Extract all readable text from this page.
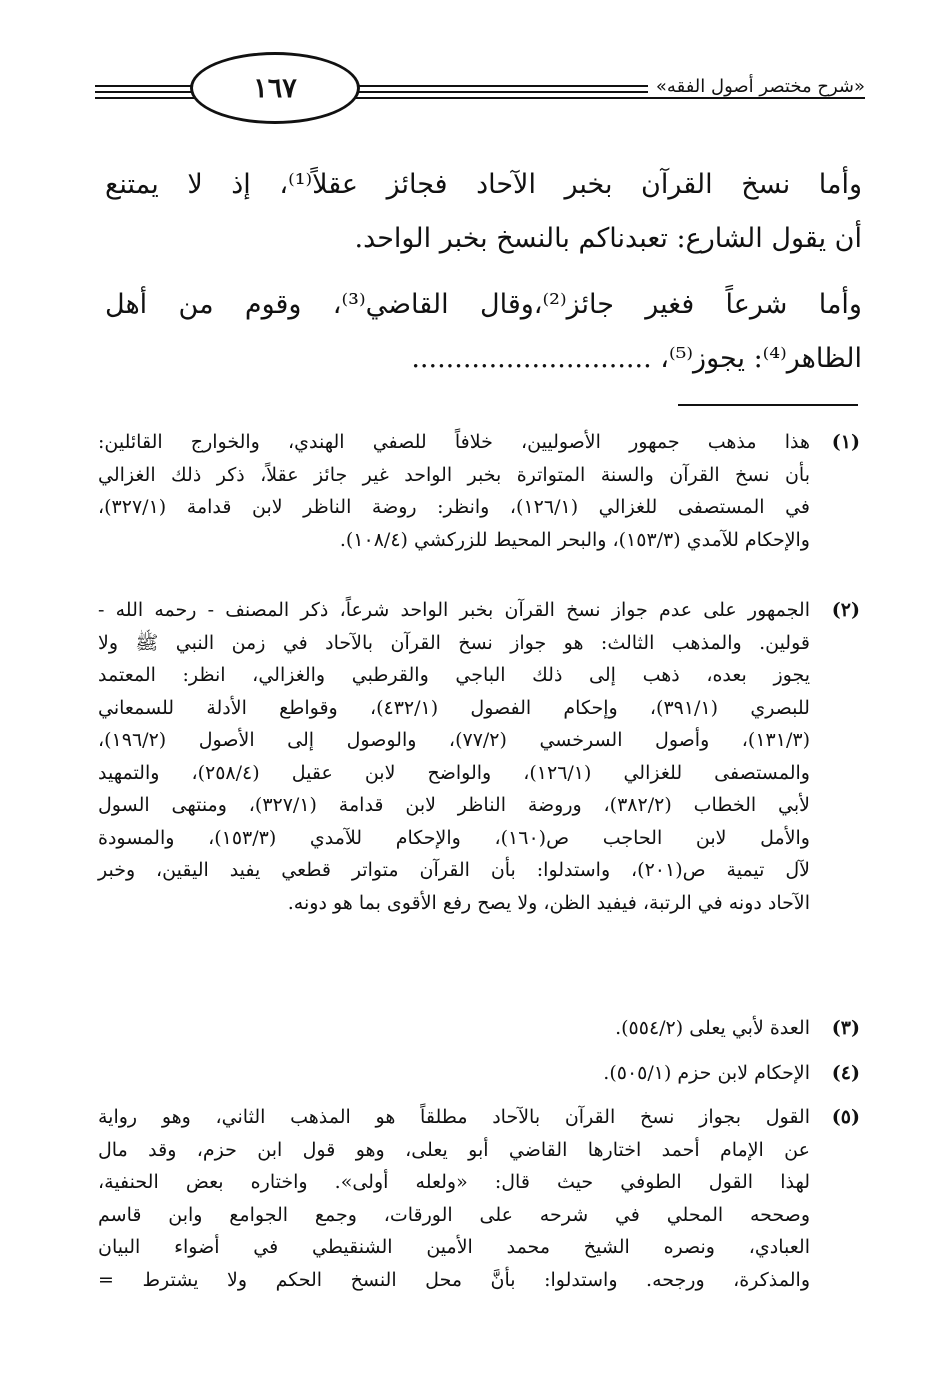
١٦٧	«شرح مختصر أصول الفقه»
وأما نسخ القرآن بخبر الآحاد فجائز عقلاً⁽¹⁾، إذ لا يمتنع
أن يقول الشارع: تعبدناكم بالنسخ بخبر الواحد.
وأما شرعاً فغير جائز⁽²⁾،وقال القاضي⁽³⁾، وقوم من أهل
الظاهر⁽⁴⁾: يجوز⁽⁵⁾، ............................
(١)
هذا مذهب جمهور الأصوليين، خلافاً للصفي الهندي، والخوارج القائلين:
بأن نسخ القرآن والسنة المتواترة بخبر الواحد غير جائز عقلاً، ذكر ذلك الغزالي
في المستصفى للغزالي (١٢٦/١)، وانظر: روضة الناظر لابن قدامة (٣٢٧/١)،
والإحكام للآمدي (١٥٣/٣)، والبحر المحيط للزركشي (١٠٨/٤).
(٢)
الجمهور على عدم جواز نسخ القرآن بخبر الواحد شرعاً، ذكر المصنف - رحمه الله -
قولين. والمذهب الثالث: هو جواز نسخ القرآن بالآحاد في زمن النبي ﷺ ولا
يجوز بعده، ذهب إلى ذلك الباجي والقرطبي والغزالي، انظر: المعتمد
للبصري (٣٩١/١)، وإحكام الفصول (٤٣٢/١)، وقواطع الأدلة للسمعاني
(١٣١/٣)، وأصول السرخسي (٧٧/٢)، والوصول إلى الأصول (١٩٦/٢)،
والمستصفى للغزالي (١٢٦/١)، والواضح لابن عقيل (٢٥٨/٤)، والتمهيد
لأبي الخطاب (٣٨٢/٢)، وروضة الناظر لابن قدامة (٣٢٧/١)، ومنتهى السول
والأمل لابن الحاجب ص(١٦٠)، والإحكام للآمدي (١٥٣/٣)، والمسودة
لآل تيمية ص(٢٠١)، واستدلوا: بأن القرآن متواتر قطعي يفيد اليقين، وخبر
الآحاد دونه في الرتبة، فيفيد الظن، ولا يصح رفع الأقوى بما هو دونه.
(٣)
العدة لأبي يعلى (٥٥٤/٢).
(٤)
الإحكام لابن حزم (٥٠٥/١).
(٥)
القول بجواز نسخ القرآن بالآحاد مطلقاً هو المذهب الثاني، وهو رواية
عن الإمام أحمد اختارها القاضي أبو يعلى، وهو قول ابن حزم، وقد مال
لهذا القول الطوفي حيث قال: «ولعله أولى». واختاره بعض الحنفية،
وصححه المحلي في شرحه على الورقات، وجمع الجوامع وابن قاسم
العبادي، ونصره الشيخ محمد الأمين الشنقيطي في أضواء البيان
والمذكرة، ورجحه. واستدلوا: بأنَّ محل النسخ الحكم ولا يشترط =
